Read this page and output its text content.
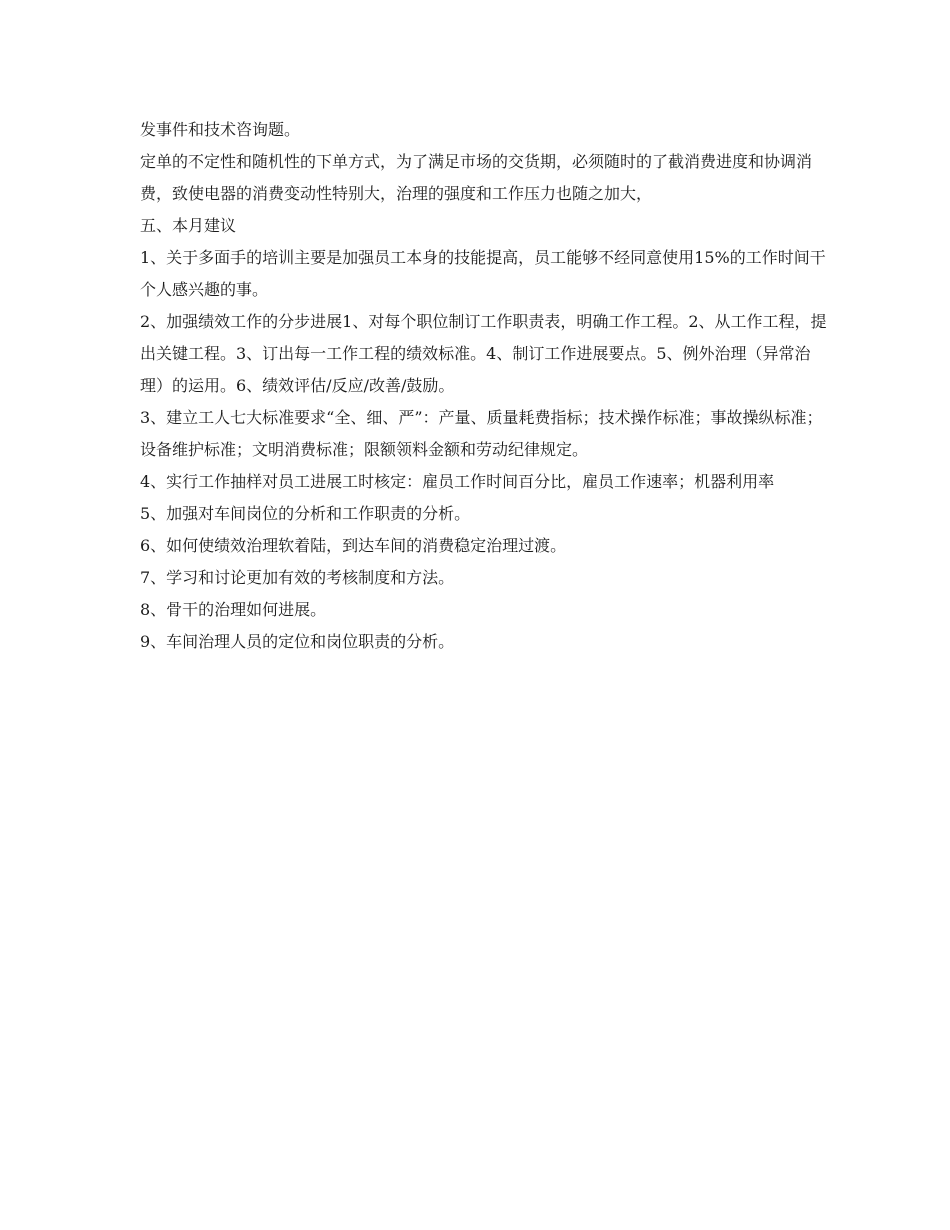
发事件和技术咨询题。

定单的不定性和随机性的下单方式，为了满足市场的交货期，必须随时的了截消费进度和协调消费，致使电器的消费变动性特别大，治理的强度和工作压力也随之加大，

五、本月建议

1、关于多面手的培训主要是加强员工本身的技能提高，员工能够不经同意使用15%的工作时间干个人感兴趣的事。

2、加强绩效工作的分步进展1、对每个职位制订工作职责表，明确工作工程。2、从工作工程，提出关键工程。3、订出每一工作工程的绩效标准。4、制订工作进展要点。5、例外治理（异常治理）的运用。6、绩效评估/反应/改善/鼓励。

3、建立工人七大标准要求“全、细、严”：产量、质量耗费指标；技术操作标准；事故操纵标准；设备维护标准；文明消费标准；限额领料金额和劳动纪律规定。

4、实行工作抽样对员工进展工时核定：雇员工作时间百分比，雇员工作速率；机器利用率

5、加强对车间岗位的分析和工作职责的分析。

6、如何使绩效治理软着陆，到达车间的消费稳定治理过渡。

7、学习和讨论更加有效的考核制度和方法。

8、骨干的治理如何进展。

9、车间治理人员的定位和岗位职责的分析。
